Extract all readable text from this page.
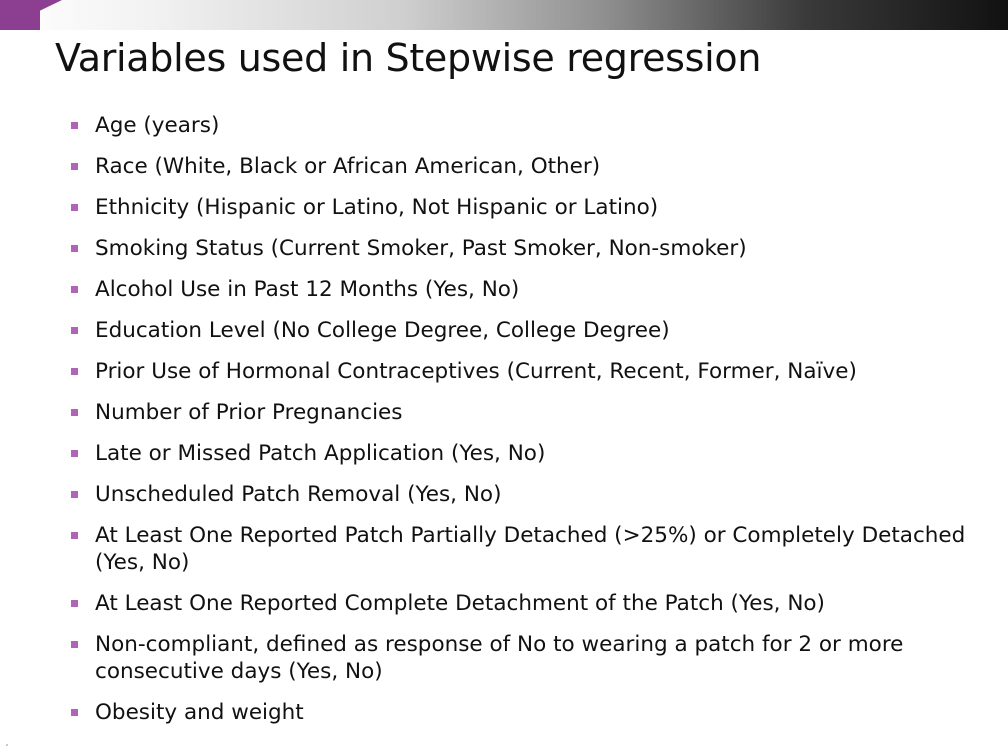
Variables used in Stepwise regression
Age (years)
Race (White, Black or African American, Other)
Ethnicity (Hispanic or Latino, Not Hispanic or Latino)
Smoking Status (Current Smoker, Past Smoker, Non-smoker)
Alcohol Use in Past 12 Months (Yes, No)
Education Level (No College Degree, College Degree)
Prior Use of Hormonal Contraceptives (Current, Recent, Former, Naïve)
Number of Prior Pregnancies
Late or Missed Patch Application (Yes, No)
Unscheduled Patch Removal (Yes, No)
At Least One Reported Patch Partially Detached (>25%) or Completely Detached (Yes, No)
At Least One Reported Complete Detachment of the Patch (Yes, No)
Non-compliant, defined as response of No to wearing a patch for 2 or more consecutive days (Yes, No)
Obesity and weight
